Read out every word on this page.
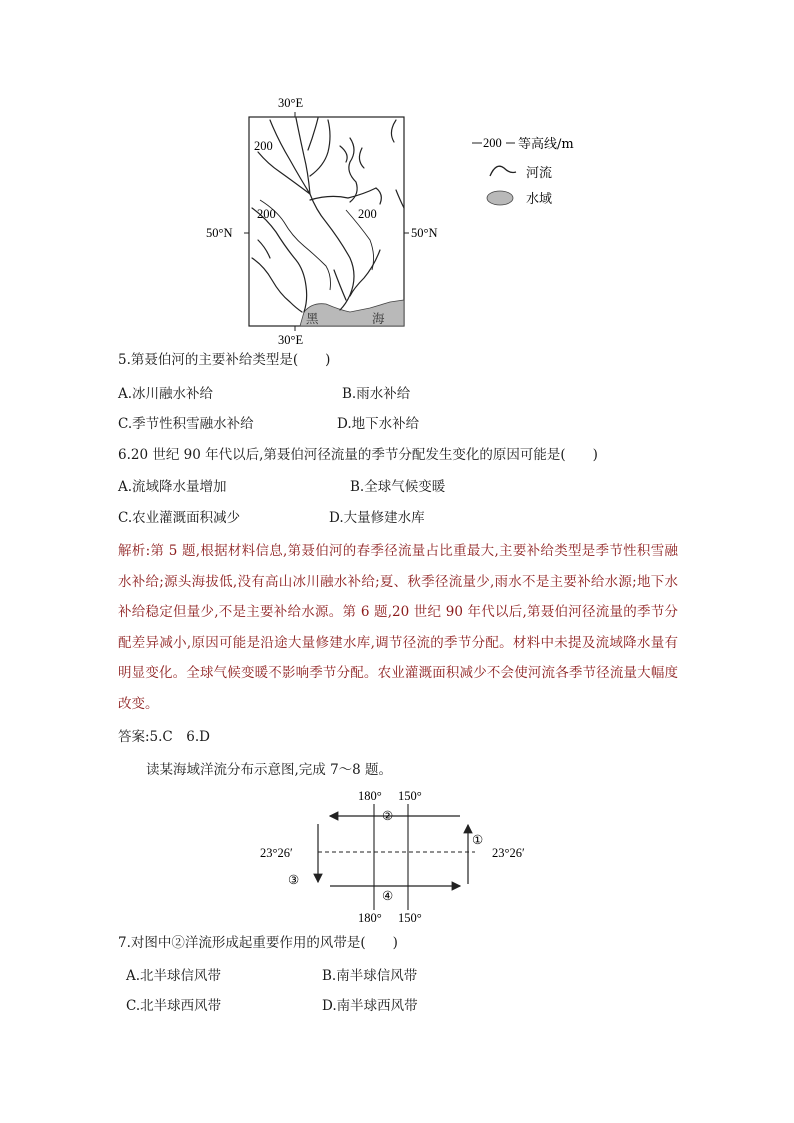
200
200	200
黑	海
30°E
30°E
50°N	50°N
200 等高线/m
河流
水域
5.第聂伯河的主要补给类型是(　　)
A.冰川融水补给	B.雨水补给
C.季节性积雪融水补给	D.地下水补给
6.20 世纪 90 年代以后,第聂伯河径流量的季节分配发生变化的原因可能是(　　)
A.流域降水量增加	B.全球气候变暖
C.农业灌溉面积减少	D.大量修建水库
解析:第 5 题,根据材料信息,第聂伯河的春季径流量占比重最大,主要补给类型是季节性积雪融水补给;源头海拔低,没有高山冰川融水补给;夏、秋季径流量少,雨水不是主要补给水源;地下水补给稳定但量少,不是主要补给水源。第 6 题,20 世纪 90 年代以后,第聂伯河径流量的季节分配差异减小,原因可能是沿途大量修建水库,调节径流的季节分配。材料中未提及流域降水量有明显变化。全球气候变暖不影响季节分配。农业灌溉面积减少不会使河流各季节径流量大幅度改变。
答案:5.C　6.D
读某海域洋流分布示意图,完成 7～8 题。
180° 150°
180° 150°
23°26′	23°26′
①
②
③
④
7.对图中②洋流形成起重要作用的风带是(　　)
A.北半球信风带	B.南半球信风带
C.北半球西风带	D.南半球西风带
